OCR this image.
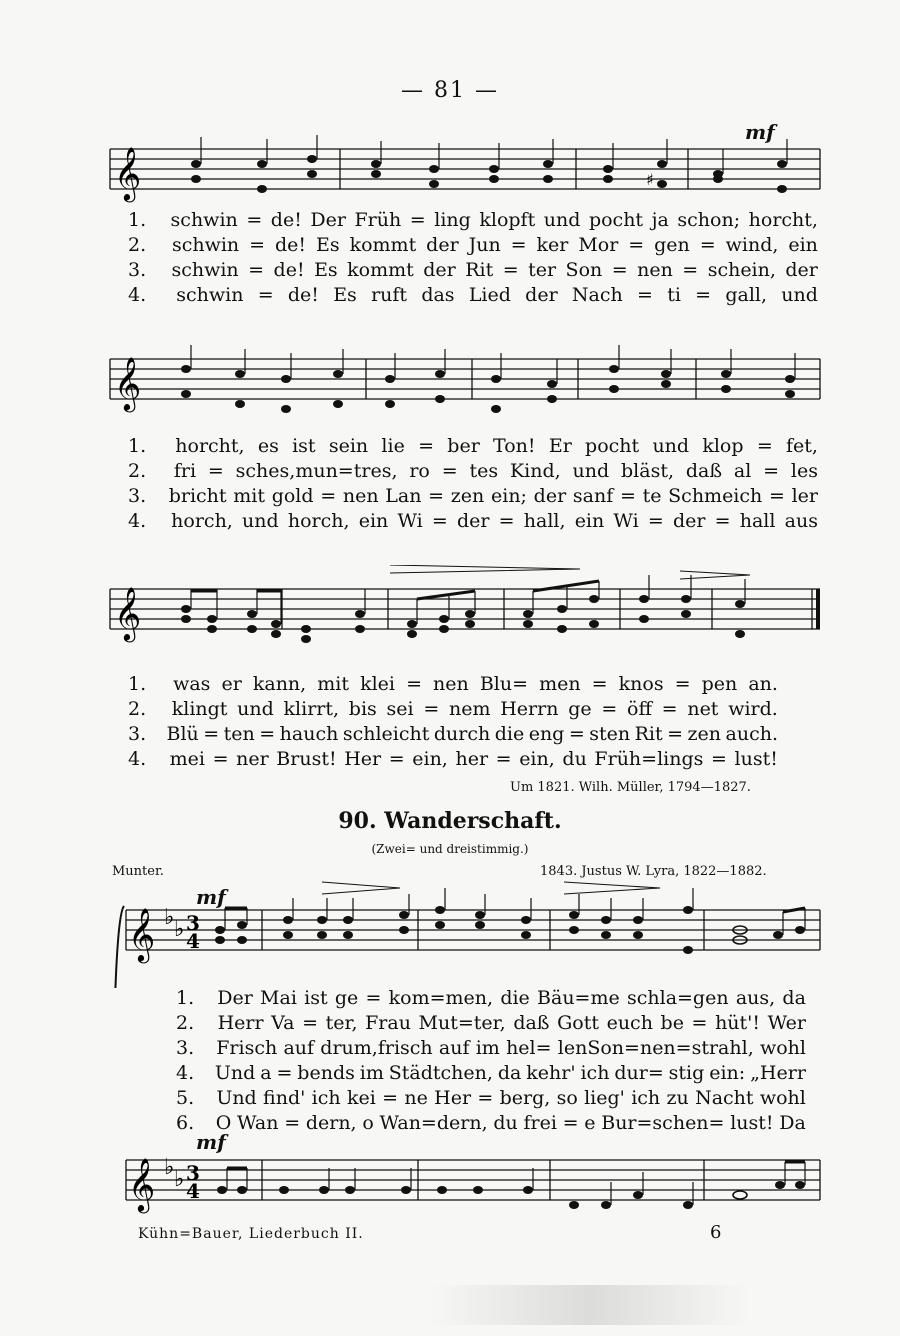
— 81 —
𝄞	♯
mf
1.	schwin = de! Der Früh = ling klopft und pocht ja schon; horcht,
2.	schwin = de! Es kommt der Jun = ker Mor = gen = wind, ein
3.	schwin = de! Es kommt der Rit = ter Son = nen = schein, der
4.	schwin = de! Es ruft das Lied der Nach = ti = gall, und
𝄞
1.	horcht, es ist sein lie = ber Ton! Er pocht und klop = fet,
2.	fri = sches,mun=tres, ro = tes Kind, und bläst, daß al = les
3.	bricht mit gold = nen Lan = zen ein; der sanf = te Schmeich = ler
4.	horch, und horch, ein Wi = der = hall, ein Wi = der = hall aus
𝄞
1.	was er kann, mit klei = nen Blu= men = knos = pen an.
2.	klingt und klirrt, bis sei = nem Herrn ge = öff = net wird.
3.	Blü = ten = hauch schleicht durch die eng = sten Rit = zen auch.
4.	mei = ner Brust! Her = ein, her = ein, du Früh=lings = lust!
Um 1821. Wilh. Müller, 1794—1827.
90. Wanderschaft.
(Zwei= und dreistimmig.)
Munter.	1843. Justus W. Lyra, 1822—1882.
mf
𝄞 ♭ ♭ 3
4
1.	Der Mai ist ge = kom=men, die Bäu=me schla=gen aus, da
2.	Herr Va = ter, Frau Mut=ter, daß Gott euch be = hüt'! Wer
3.	Frisch auf drum,frisch auf im hel= lenSon=nen=strahl, wohl
4.	Und a = bends im Städtchen, da kehr' ich dur= stig ein: „Herr
5.	Und find' ich kei = ne Her = berg, so lieg' ich zu Nacht wohl
6.	O Wan = dern, o Wan=dern, du frei = e Bur=schen= lust! Da
mf
𝄞 ♭ ♭ 3
4
Kühn=Bauer, Liederbuch II.	6
